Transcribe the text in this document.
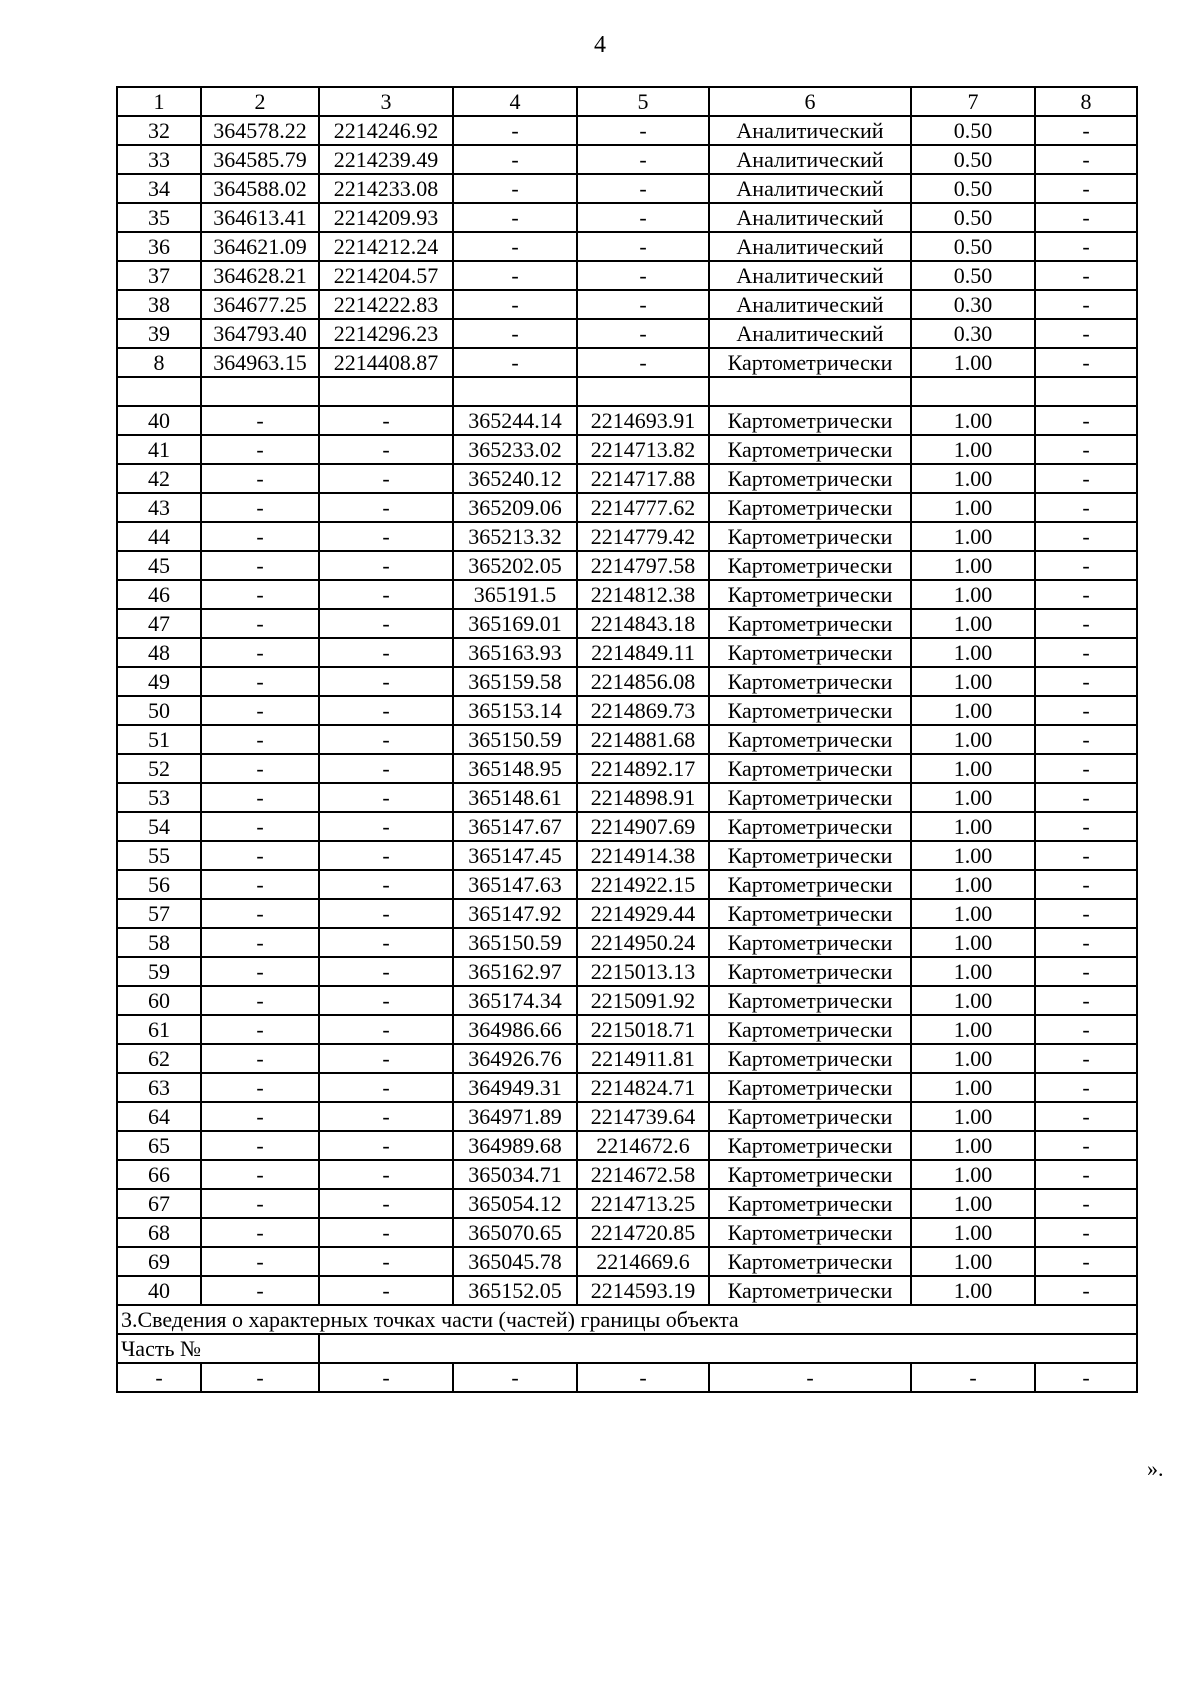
4
1	2	3	4	5	6	7	8
32	364578.22	2214246.92	-	-	Аналитический	0.50	-
33	364585.79	2214239.49	-	-	Аналитический	0.50	-
34	364588.02	2214233.08	-	-	Аналитический	0.50	-
35	364613.41	2214209.93	-	-	Аналитический	0.50	-
36	364621.09	2214212.24	-	-	Аналитический	0.50	-
37	364628.21	2214204.57	-	-	Аналитический	0.50	-
38	364677.25	2214222.83	-	-	Аналитический	0.30	-
39	364793.40	2214296.23	-	-	Аналитический	0.30	-
8	364963.15	2214408.87	-	-	Картометрически	1.00	-

40	-	-	365244.14	2214693.91	Картометрически	1.00	-
41	-	-	365233.02	2214713.82	Картометрически	1.00	-
42	-	-	365240.12	2214717.88	Картометрически	1.00	-
43	-	-	365209.06	2214777.62	Картометрически	1.00	-
44	-	-	365213.32	2214779.42	Картометрически	1.00	-
45	-	-	365202.05	2214797.58	Картометрически	1.00	-
46	-	-	365191.5	2214812.38	Картометрически	1.00	-
47	-	-	365169.01	2214843.18	Картометрически	1.00	-
48	-	-	365163.93	2214849.11	Картометрически	1.00	-
49	-	-	365159.58	2214856.08	Картометрически	1.00	-
50	-	-	365153.14	2214869.73	Картометрически	1.00	-
51	-	-	365150.59	2214881.68	Картометрически	1.00	-
52	-	-	365148.95	2214892.17	Картометрически	1.00	-
53	-	-	365148.61	2214898.91	Картометрически	1.00	-
54	-	-	365147.67	2214907.69	Картометрически	1.00	-
55	-	-	365147.45	2214914.38	Картометрически	1.00	-
56	-	-	365147.63	2214922.15	Картометрически	1.00	-
57	-	-	365147.92	2214929.44	Картометрически	1.00	-
58	-	-	365150.59	2214950.24	Картометрически	1.00	-
59	-	-	365162.97	2215013.13	Картометрически	1.00	-
60	-	-	365174.34	2215091.92	Картометрически	1.00	-
61	-	-	364986.66	2215018.71	Картометрически	1.00	-
62	-	-	364926.76	2214911.81	Картометрически	1.00	-
63	-	-	364949.31	2214824.71	Картометрически	1.00	-
64	-	-	364971.89	2214739.64	Картометрически	1.00	-
65	-	-	364989.68	2214672.6	Картометрически	1.00	-
66	-	-	365034.71	2214672.58	Картометрически	1.00	-
67	-	-	365054.12	2214713.25	Картометрически	1.00	-
68	-	-	365070.65	2214720.85	Картометрически	1.00	-
69	-	-	365045.78	2214669.6	Картометрически	1.00	-
40	-	-	365152.05	2214593.19	Картометрически	1.00	-
3.Сведения о характерных точках части (частей) границы объекта							
Часть №							
-	-	-	-	-	-	-	-
».
